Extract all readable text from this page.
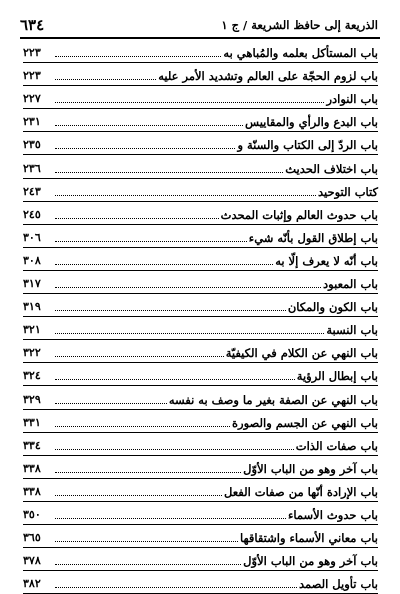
الذريعة إلى حافظ الشريعة / ج ١
٦٣٤
باب المستأكل بعلمه والمُباهي به
٢٢٣
باب لزوم الحجّة على العالم وتشديد الأمر عليه
٢٢٣
باب النوادر
٢٢٧
باب البدع والرأي والمقاييس
٢٣١
باب الردّ إلى الكتاب والسنّة و
٢٣٥
باب اختلاف الحديث
٢٣٦
كتاب التوحيد
٢٤٣
باب حدوث العالم وإثبات المحدث
٢٤٥
باب إطلاق القول بأنّه شيء
٣٠٦
باب أنّه لا يعرف إلّا به
٣٠٨
باب المعبود
٣١٧
باب الكون والمكان
٣١٩
باب النسبة
٣٢١
باب النهي عن الكلام في الكيفيّة
٣٢٢
باب إبطال الرؤية
٣٢٤
باب النهي عن الصفة بغير ما وصف به نفسه
٣٢٩
باب النهي عن الجسم والصورة
٣٣١
باب صفات الذات
٣٣٤
باب آخر وهو من الباب الأوّل
٣٣٨
باب الإرادة أنّها من صفات الفعل
٣٣٨
باب حدوث الأسماء
٣٥٠
باب معاني الأسماء واشتقاقها
٣٦٥
باب آخر وهو من الباب الأوّل
٣٧٨
باب تأويل الصمد
٣٨٢
